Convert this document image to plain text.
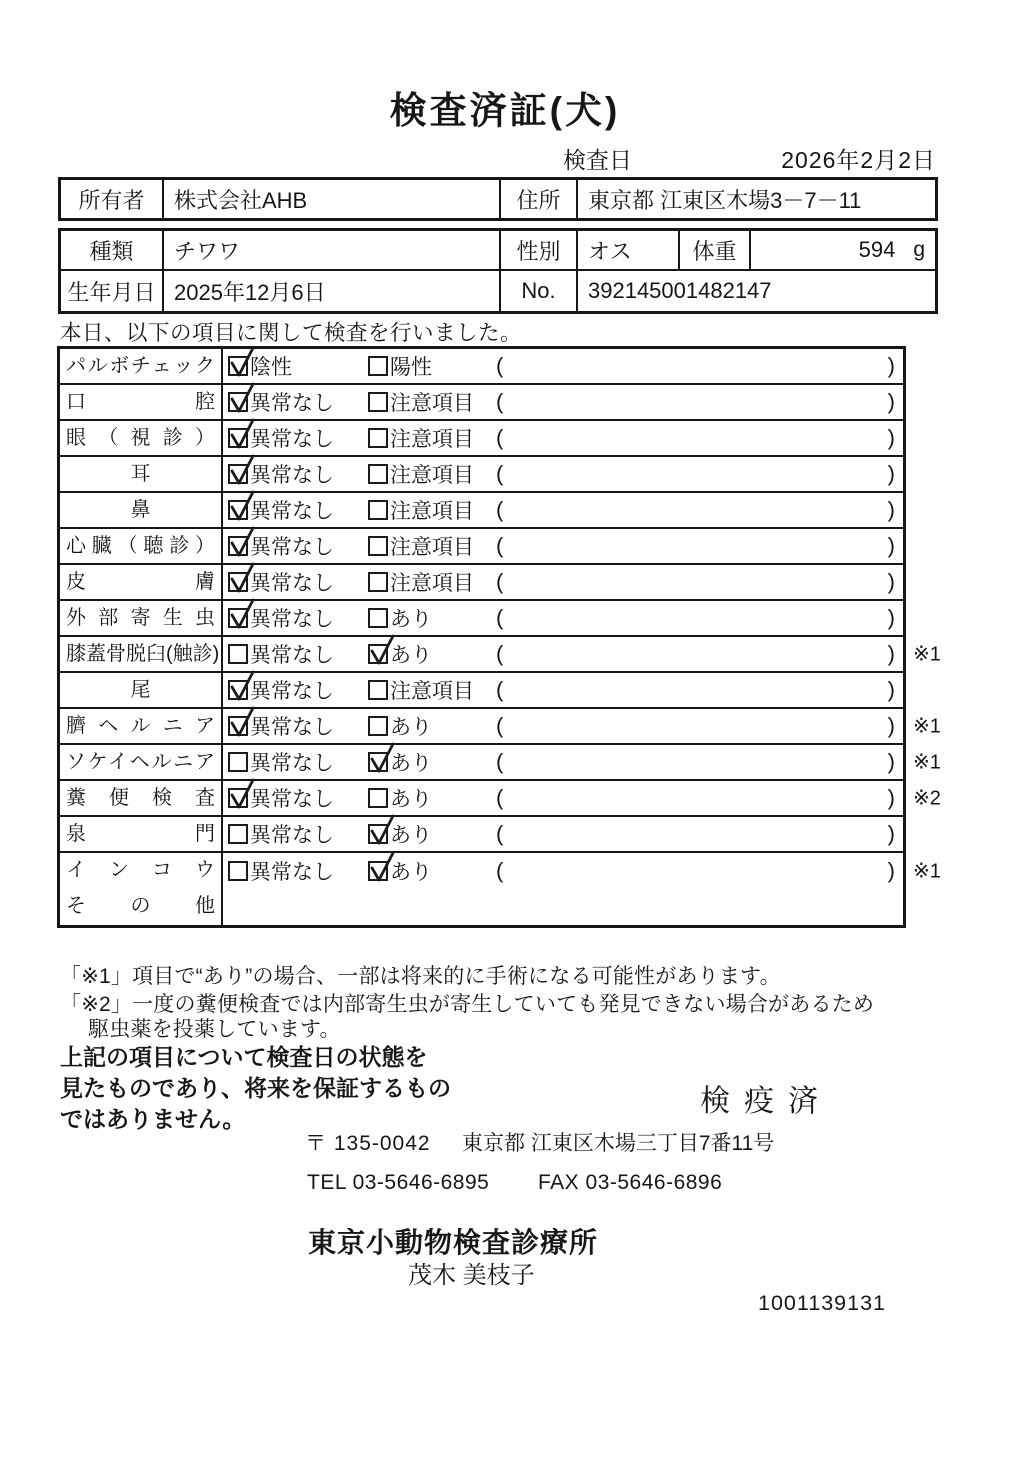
検査済証(犬)
検査日	2026年2月2日
所有者	株式会社AHB	住所	東京都 江東区木場3－7－11
種類	チワワ	性別	オス	体重	594 g
生年月日 2025年12月6日	No.	392145001482147
本日、以下の項目に関して検査を行いました。
パルボチェック	陰性	陽性	(	)
口腔	異常なし	注意項目 (	)
眼（視診）	異常なし	注意項目 (	)
耳	異常なし	注意項目 (	)
鼻	異常なし	注意項目 (	)
心臓（聴診）	異常なし	注意項目 (	)
皮膚	異常なし	注意項目 (	)
外部寄生虫	異常なし	あり	(	)
膝蓋骨脱臼(触診) 異常なし	あり	(	) ※1
尾	異常なし	注意項目 (	)
臍ヘルニア	異常なし	あり	(	) ※1
ソケイヘルニア	異常なし	あり	(	) ※1
糞便検査	異常なし	あり	(	) ※2
泉門	異常なし	あり	(	)
インコウ	異常なし	あり	(	) ※1
その他
「※1」項目で“あり”の場合、一部は将来的に手術になる可能性があります。
「※2」一度の糞便検査では内部寄生虫が寄生していても発見できない場合があるため
駆虫薬を投薬しています。
上記の項目について検査日の状態を
見たものであり、将来を保証するもの
ではありません。
検疫済
〒 135-0042 東京都 江東区木場三丁目7番11号
TEL 03-5646-6895 FAX 03-5646-6896
東京小動物検査診療所
茂木 美枝子
1001139131
